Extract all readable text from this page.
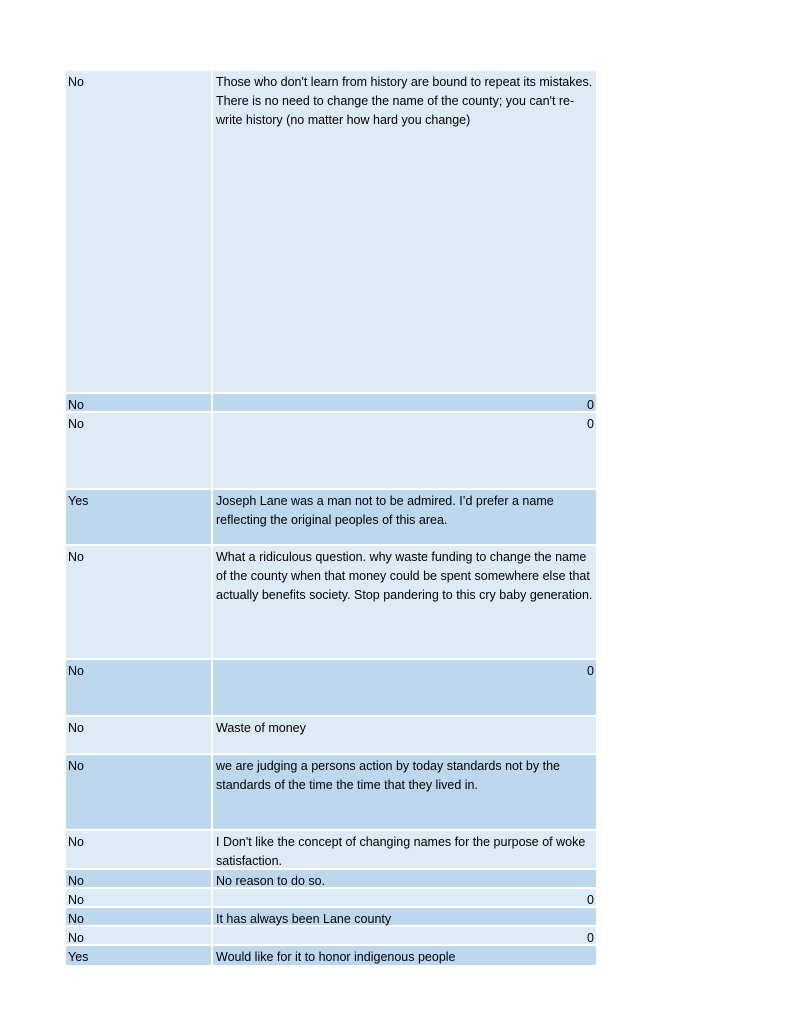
No	Those who don't learn from history are bound to repeat its mistakes. There is no need to change the name of the county; you can't re-write history (no matter how hard you change)
No	0
No	0
Yes	Joseph Lane was a man not to be admired. I’d prefer a name reflecting the original peoples of this area.
No	What a ridiculous question. why waste funding to change the name of the county when that money could be spent somewhere else that actually benefits society. Stop pandering to this cry baby generation.
No	0
No	Waste of money
No	we are judging a persons action by today standards not by the standards of the time the time that they lived in.
No	I Don't like the concept of changing names for the purpose of woke satisfaction.
No	No reason to do so.
No	0
No	It has always been Lane county
No	0
Yes	Would like for it to honor indigenous people
